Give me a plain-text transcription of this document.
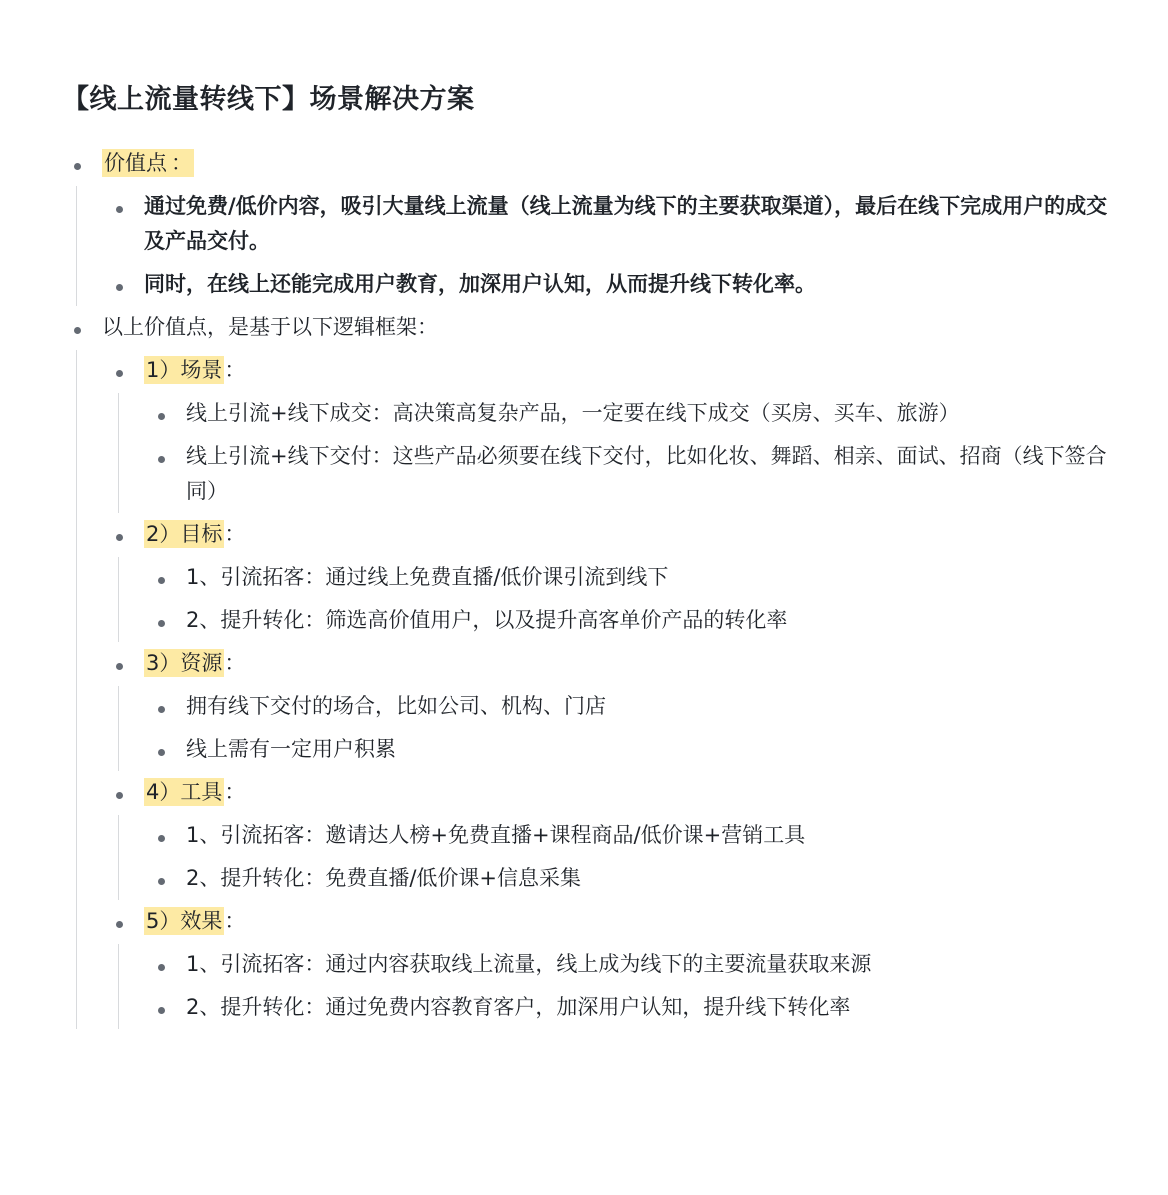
【线上流量转线下】场景解决方案
价值点 ：
通过免费/低价内容，吸引大量线上流量（线上流量为线下的主要获取渠道），最后在线下完成用户的成交及产品交付。
同时，在线上还能完成用户教育，加深用户认知，从而提升线下转化率。
以上价值点，是基于以下逻辑框架：
1）场景：
线上引流+线下成交：高决策高复杂产品，一定要在线下成交（买房、买车、旅游）
线上引流+线下交付：这些产品必须要在线下交付，比如化妆、舞蹈、相亲、面试、招商（线下签合同）
2）目标：
1、引流拓客：通过线上免费直播/低价课引流到线下
2、提升转化：筛选高价值用户，以及提升高客单价产品的转化率
3）资源：
拥有线下交付的场合，比如公司、机构、门店
线上需有一定用户积累
4）工具：
1、引流拓客：邀请达人榜+免费直播+课程商品/低价课+营销工具
2、提升转化：免费直播/低价课+信息采集
5）效果：
1、引流拓客：通过内容获取线上流量，线上成为线下的主要流量获取来源
2、提升转化：通过免费内容教育客户，加深用户认知，提升线下转化率
